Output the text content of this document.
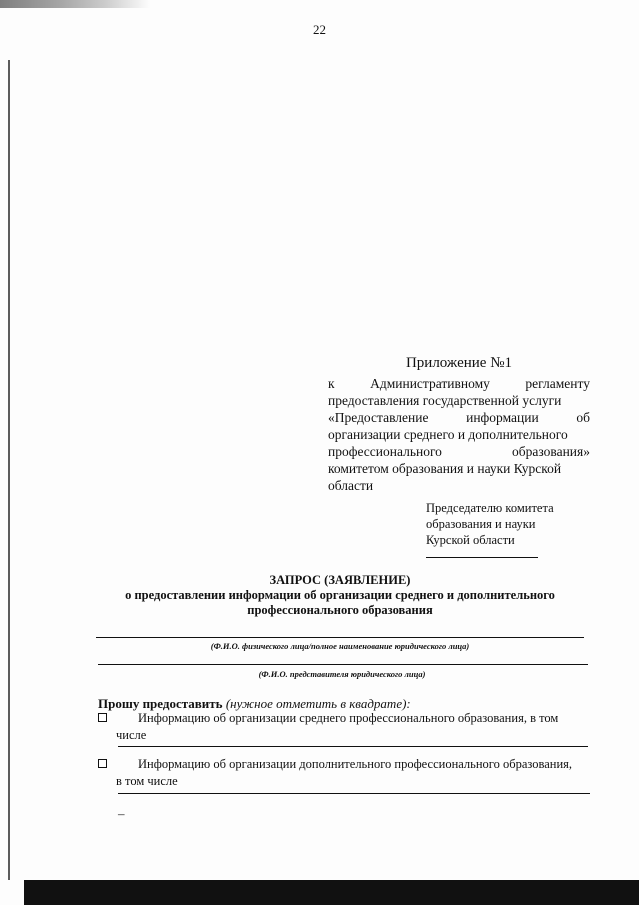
22
Приложение №1
к	Административному	регламенту
предоставления государственной услуги
«Предоставление	информации	об
организации среднего и дополнительного
профессионального	образования»
комитетом образования и науки Курской
области
Председателю комитета
образования и науки
Курской области
ЗАПРОС (ЗАЯВЛЕНИЕ)
о предоставлении информации об организации среднего и дополнительного
профессионального образования
(Ф.И.О. физического лица/полное наименование юридического лица)
(Ф.И.О. представителя юридического лица)
Прошу предоставить (нужное отметить в квадрате):
Информацию об организации среднего профессионального образования, в том
числе
Информацию об организации дополнительного профессионального образования,
в том числе
–
